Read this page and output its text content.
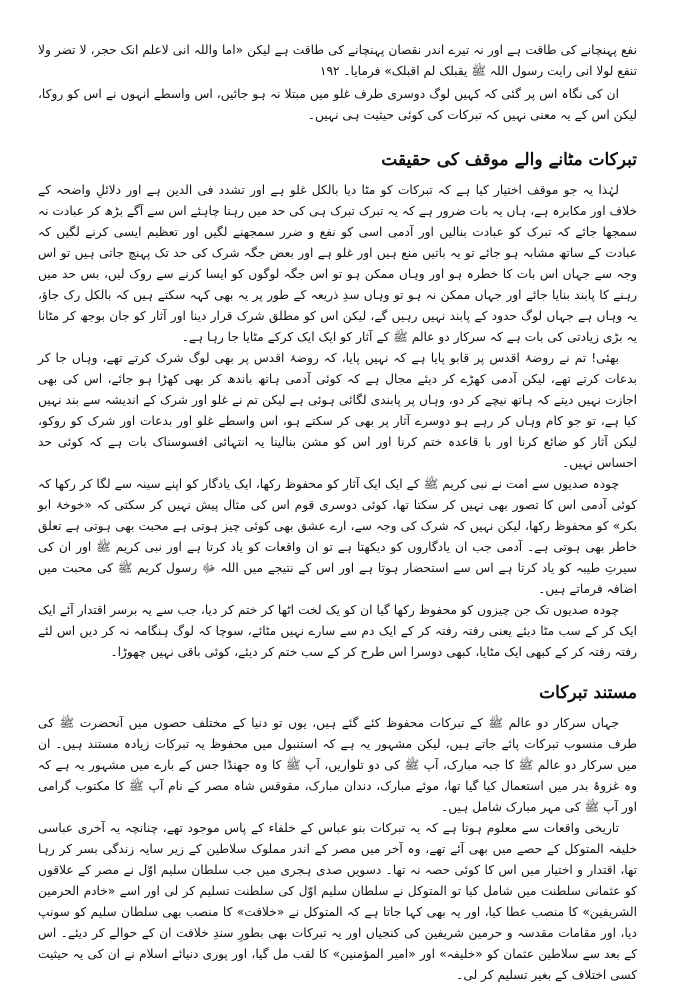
نفع پہنچانے کی طاقت ہے اور نہ تیرے اندر نقصان پہنچانے کی طاقت ہے لیکن «اما واللہ انی لاعلم انک حجر، لا تضر ولا تنفع لولا انی رایت رسول اللہ ﷺ یقبلک لم اقبلک» فرمایا۔ ۱۹۲

ان کی نگاہ اس پر گئی کہ کہیں لوگ دوسری طرف غلو میں مبتلا نہ ہو جائیں، اس واسطے انہوں نے اس کو روکا، لیکن اس کے یہ معنی نہیں کہ تبرکات کی کوئی حیثیت ہی نہیں۔

تبرکات مٹانے والے موقف کی حقیقت

لہٰذا یہ جو موقف اختیار کیا ہے کہ تبرکات کو مٹا دیا بالکل غلو ہے اور تشدد فی الدین ہے اور دلائلِ واضحہ کے خلاف اور مکابرہ ہے، ہاں یہ بات ضرور ہے کہ یہ تبرک تبرک ہی کی حد میں رہنا چاہئے اس سے آگے بڑھ کر عبادت نہ سمجھا جائے کہ تبرک کو عبادت بنالیں اور آدمی اسی کو نفع و ضرر سمجھنے لگیں اور تعظیم ایسی کرنے لگیں کہ عبادت کے ساتھ مشابہ ہو جائے تو یہ باتیں منع ہیں اور غلو ہے اور بعض جگہ شرک کی حد تک پہنچ جاتی ہیں تو اس وجہ سے جہاں اس بات کا خطرہ ہو اور وہاں ممکن ہو تو اس جگہ لوگوں کو ایسا کرنے سے روک لیں، بس حد میں رہنے کا پابند بنایا جائے اور جہاں ممکن نہ ہو تو وہاں سدِ ذریعہ کے طور پر یہ بھی کہہ سکتے ہیں کہ بالکل رک جاؤ، یہ وہاں ہے جہاں لوگ حدود کے پابند نہیں رہیں گے، لیکن اس کو مطلق شرک قرار دینا اور آثار کو جان بوجھ کر مٹانا یہ بڑی زیادتی کی بات ہے کہ سرکار دو عالم ﷺ کے آثار کو ایک ایک کرکے مٹایا جا رہا ہے۔

بھئی! تم نے روضۂ اقدس پر قابو پایا ہے کہ نہیں پایا، کہ روضۂ اقدس پر بھی لوگ شرک کرتے تھے، وہاں جا کر بدعات کرتے تھے، لیکن آدمی کھڑے کر دیئے مجال ہے کہ کوئی آدمی ہاتھ باندھ کر بھی کھڑا ہو جائے، اس کی بھی اجازت نہیں دیتے کہ ہاتھ نیچے کر دو، وہاں پر پابندی لگائی ہوئی ہے لیکن تم نے غلو اور شرک کے اندیشہ سے بند نہیں کیا ہے، تو جو کام وہاں کر رہے ہو دوسرے آثار پر بھی کر سکتے ہو، اس واسطے غلو اور بدعات اور شرک کو روکو، لیکن آثار کو ضائع کرنا اور با قاعدہ ختم کرنا اور اس کو مشن بنالینا یہ انتہائی افسوسناک بات ہے کہ کوئی حد احساس نہیں۔

چودہ صدیوں سے امت نے نبی کریم ﷺ کے ایک ایک آثار کو محفوظ رکھا، ایک یادگار کو اپنے سینہ سے لگا کر رکھا کہ کوئی آدمی اس کا تصور بھی نہیں کر سکتا تھا، کوئی دوسری قوم اس کی مثال پیش نہیں کر سکتی کہ «خوخۂ ابو بکر» کو محفوظ رکھا، لیکن نہیں کہ شرک کی وجہ سے، ارے عشق بھی کوئی چیز ہوتی ہے محبت بھی ہوتی ہے تعلق خاطر بھی ہوتی ہے۔ آدمی جب ان یادگاروں کو دیکھتا ہے تو ان واقعات کو یاد کرتا ہے اور نبی کریم ﷺ اور ان کی سیرتِ طیبہ کو یاد کرتا ہے اس سے استحضار ہوتا ہے اور اس کے نتیجے میں اللہ ﷻ رسول کریم ﷺ کی محبت میں اضافہ فرماتے ہیں۔

چودہ صدیوں تک جن چیزوں کو محفوظ رکھا گیا ان کو یک لخت اٹھا کر ختم کر دیا، جب سے یہ برسر اقتدار آئے ایک ایک کر کے سب مٹا دیئے یعنی رفتہ رفتہ کر کے ایک دم سے سارے نہیں مٹائے، سوچا کہ لوگ ہنگامہ نہ کر دیں اس لئے رفتہ رفتہ کر کے کبھی ایک مٹایا، کبھی دوسرا اس طرح کر کے سب ختم کر دیئے، کوئی باقی نہیں چھوڑا۔

مستند تبرکات

جہاں سرکار دو عالم ﷺ کے تبرکات محفوظ کئے گئے ہیں، یوں تو دنیا کے مختلف حصوں میں آنحضرت ﷺ کی طرف منسوب تبرکات پائے جاتے ہیں، لیکن مشہور یہ ہے کہ استنبول میں محفوظ یہ تبرکات زیادہ مستند ہیں۔ ان میں سرکار دو عالم ﷺ کا جبہ مبارک، آپ ﷺ کی دو تلواریں، آپ ﷺ کا وہ جھنڈا جس کے بارے میں مشہور یہ ہے کہ وہ غزوۂ بدر میں استعمال کیا گیا تھا، موئے مبارک، دندان مبارک، مقوقس شاہ مصر کے نام آپ ﷺ کا مکتوب گرامی اور آپ ﷺ کی مہر مبارک شامل ہیں۔

تاریخی واقعات سے معلوم ہوتا ہے کہ یہ تبرکات بنو عباس کے خلفاء کے پاس موجود تھے، چنانچہ یہ آخری عباسی خلیفہ المتوکل کے حصے میں بھی آئے تھے، وہ آخر میں مصر کے اندر مملوک سلاطین کے زیر سایہ زندگی بسر کر رہا تھا، اقتدار و اختیار میں اس کا کوئی حصہ نہ تھا۔ دسویں صدی ہجری میں جب سلطان سلیم اوّل نے مصر کے علاقوں کو عثمانی سلطنت میں شامل کیا تو المتوکل نے سلطان سلیم اوّل کی سلطنت تسلیم کر لی اور اسے «خادم الحرمین الشریفین» کا منصب عطا کیا، اور یہ بھی کہا جاتا ہے کہ المتوکل نے «خلافت» کا منصب بھی سلطان سلیم کو سونپ دیا، اور مقامات مقدسہ و حرمین شریفین کی کنجیاں اور یہ تبرکات بھی بطورِ سندِ خلافت ان کے حوالے کر دیئے۔ اس کے بعد سے سلاطین عثمان کو «خلیفہ» اور «امیر المؤمنین» کا لقب مل گیا، اور پوری دنیائے اسلام نے ان کی یہ حیثیت کسی اختلاف کے بغیر تسلیم کر لی۔
